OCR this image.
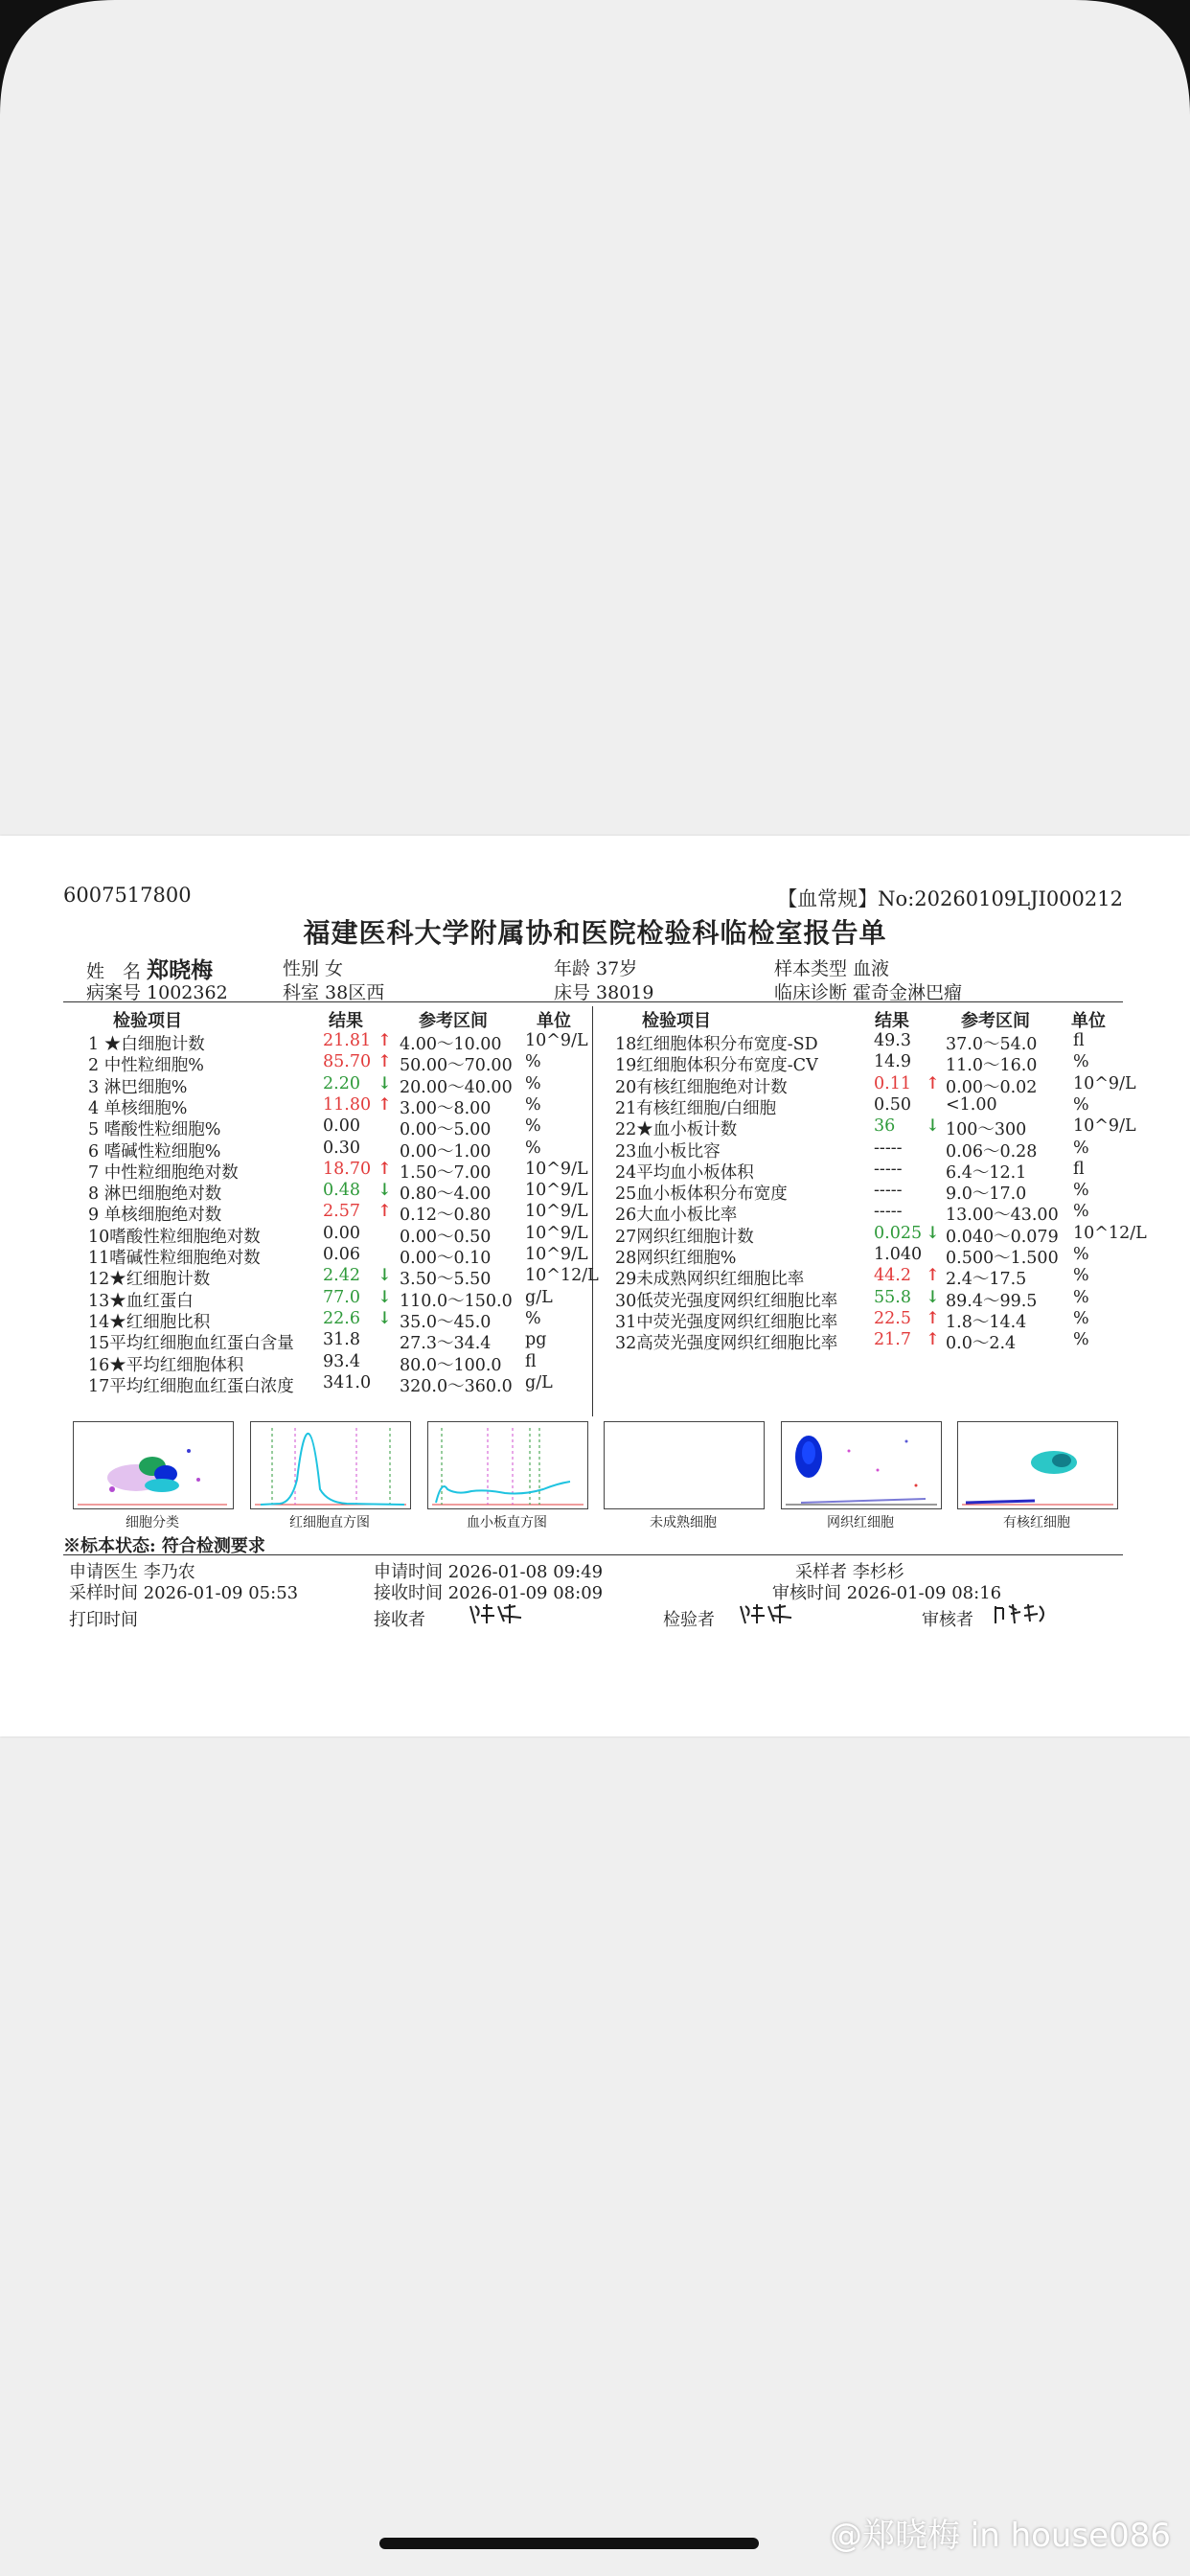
6007517800	【血常规】No:20260109LJI000212
福建医科大学附属协和医院检验科临检室报告单
姓　名 郑晓梅	性别 女	年龄 37岁	样本类型 血液
病案号 1002362	科室 38区西	床号 38019	临床诊断 霍奇金淋巴瘤
检验项目	结果	参考区间	单位	检验项目	结果	参考区间 单位
1 ★白细胞计数	21.81 ↑ 4.00～10.00 10^9/L
2 中性粒细胞%	85.70 ↑ 50.00～70.00 %
3 淋巴细胞%	2.20 ↓ 20.00～40.00 %
4 单核细胞%	11.80 ↑ 3.00～8.00 %
5 嗜酸性粒细胞%	0.00 0.00～5.00 %
6 嗜碱性粒细胞%	0.30 0.00～1.00 %
7 中性粒细胞绝对数	18.70 ↑ 1.50～7.00 10^9/L
8 淋巴细胞绝对数	0.48 ↓ 0.80～4.00 10^9/L
9 单核细胞绝对数	2.57 ↑ 0.12～0.80 10^9/L
10嗜酸性粒细胞绝对数	0.00 0.00～0.50 10^9/L
11嗜碱性粒细胞绝对数	0.06 0.00～0.10 10^9/L
12★红细胞计数	2.42 ↓ 3.50～5.50 10^12/L
13★血红蛋白	77.0 ↓ 110.0～150.0 g/L
14★红细胞比积	22.6 ↓ 35.0～45.0 %
15平均红细胞血红蛋白含量 31.8 27.3～34.4 pg
16★平均红细胞体积	93.4 80.0～100.0 fl
17平均红细胞血红蛋白浓度 341.0 320.0～360.0 g/L
18红细胞体积分布宽度-SD	49.3 37.0～54.0 fl
19红细胞体积分布宽度-CV	14.9 11.0～16.0 %
20有核红细胞绝对计数	0.11 ↑ 0.00～0.02 10^9/L
21有核红细胞/白细胞	0.50 <1.00	%
22★血小板计数	36 ↓ 100～300	10^9/L
23血小板比容	-----	0.06～0.28 %
24平均血小板体积	-----	6.4～12.1	fl
25血小板体积分布宽度	-----	9.0～17.0	%
26大血小板比率	-----	13.00～43.00 %
27网织红细胞计数	0.025 ↓ 0.040～0.079 10^12/L
28网织红细胞%	1.040 0.500～1.500 %
29未成熟网织红细胞比率	44.2 ↑ 2.4～17.5	%
30低荧光强度网织红细胞比率 55.8 ↓ 89.4～99.5 %
31中荧光强度网织红细胞比率 22.5 ↑ 1.8～14.4	%
32高荧光强度网织红细胞比率 21.7 ↑ 0.0～2.4	%
细胞分类	红细胞直方图	血小板直方图	未成熟细胞	网织红细胞	有核红细胞
※标本状态: 符合检测要求
申请医生 李乃农	申请时间 2026-01-08 09:49	采样者 李杉杉
采样时间 2026-01-09 05:53	接收时间 2026-01-09 08:09	审核时间 2026-01-09 08:16
打印时间	接收者	检验者	审核者
@郑晓梅 in house086
